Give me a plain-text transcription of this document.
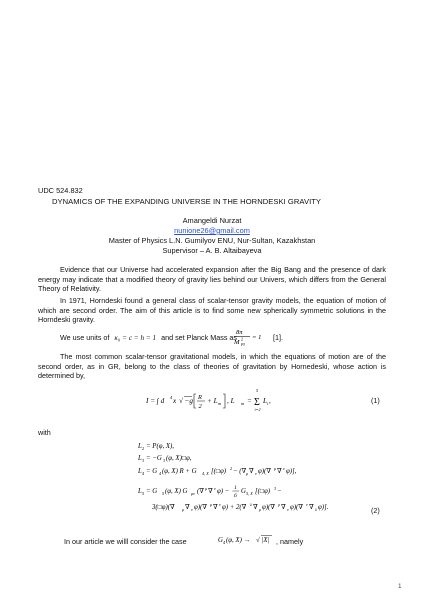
UDC 524.832
DYNAMICS OF THE EXPANDING UNIVERSE IN THE HORNDESKI GRAVITY
Amangeldi Nurzat
nunione26@gmail.com
Master of Physics L.N. Gumilyov ENU, Nur-Sultan, Kazakhstan
Supervisor – A. B. Altaibayeva
Evidence that our Universe had accelerated expansion after the Big Bang and the presence of dark energy may indicate that a modified theory of gravity lies behind our Univers, which differs from the General Theory of Relativity.
In 1971, Horndeski found a general class of scalar-tensor gravity models, the equation of motion of which are second order. The aim of this article is to find some new spherically symmetric solutions in the Horndeski gravity.
We use units of κ₀ = c = h = 1 and set Planck Mass as
8π
M 2
Pl
= 1 [1].
The most common scalar-tensor gravitational models, in which the equations of motion are of the second order, as in GR, belong to the class of theories of gravitation by Hornedeski, whose action is determined by,
I = ∫ d 4 x √ −g R
2
+ L m , L m =
5
Σ
i=2
L i ,	(1)
with
L 2 = P(φ, X),
L 3 = −G 3 (φ, X)□φ,
L 4 = G 4 (φ, X) R + G 4, X [(□φ) 2 − (∇ μ ∇ ν φ)(∇ μ ∇ ν φ)],
L 5 = G 5 (φ, X) G μν (∇ μ ∇ ν φ) − 1
6
G 5, X [(□φ) 3 −
3(□φ)(∇ μ ∇ ν φ)(∇ μ ∇ ν φ) + 2(∇ λ ∇ ρ φ)(∇ ρ ∇ ν φ)(∇ ν ∇ λ φ)].	(2)
In our article we willl consider the case	G 4 (φ, X) → √ |X| , namely
1
